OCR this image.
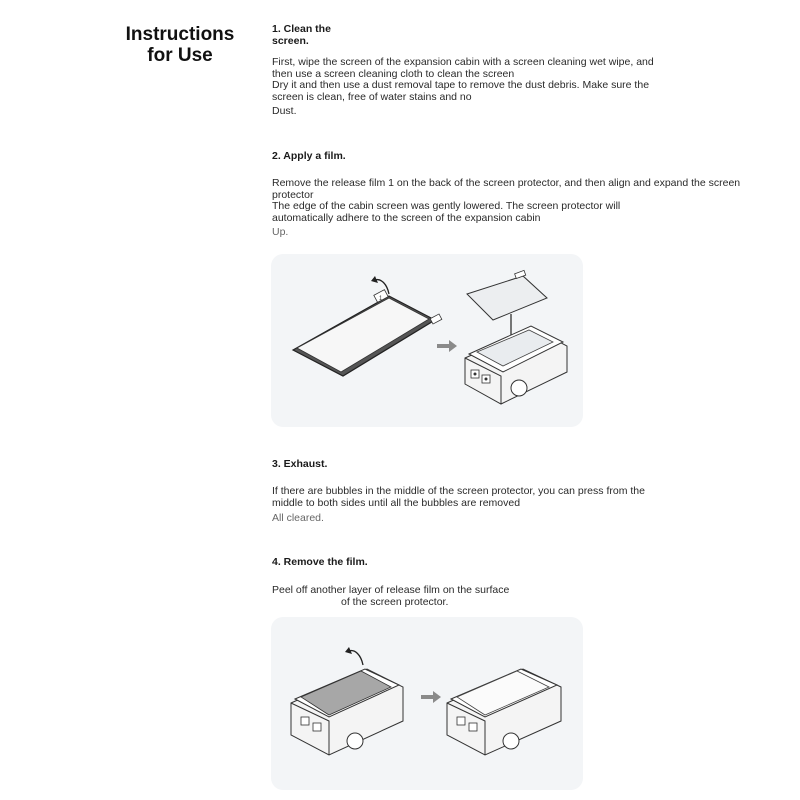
Instructions
for Use
1. Clean the
screen.
First, wipe the screen of the expansion cabin with a screen cleaning wet wipe, and
then use a screen cleaning cloth to clean the screen
Dry it and then use a dust removal tape to remove the dust debris. Make sure the
screen is clean, free of water stains and no
Dust.
2. Apply a film.
Remove the release film 1 on the back of the screen protector, and then align and expand the screen
protector
The edge of the cabin screen was gently lowered. The screen protector will
automatically adhere to the screen of the expansion cabin
Up.
1
3. Exhaust.
If there are bubbles in the middle of the screen protector, you can press from the
middle to both sides until all the bubbles are removed
All cleared.
4. Remove the film.
Peel off another layer of release film on the surface
of the screen protector.
